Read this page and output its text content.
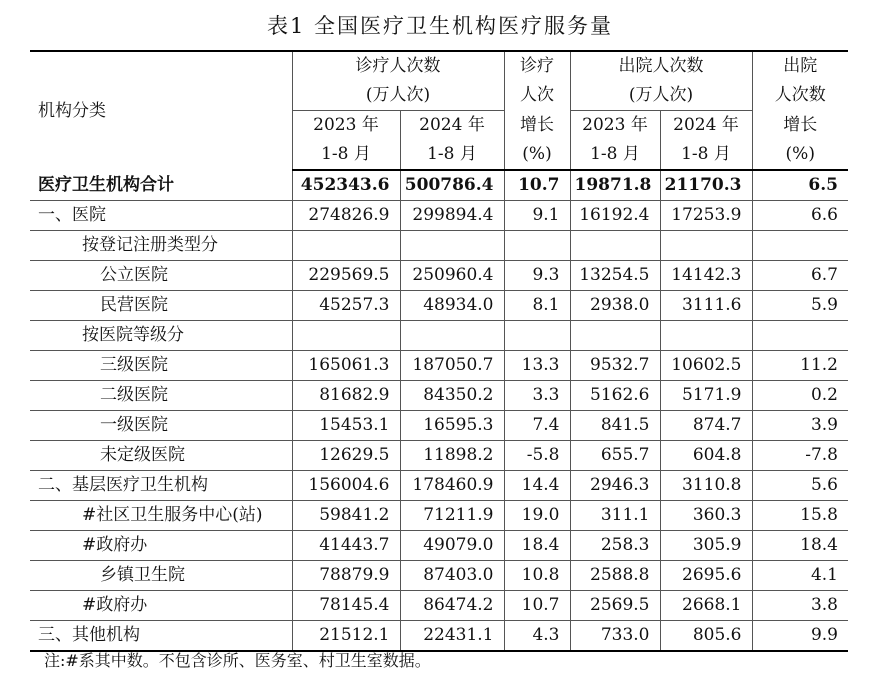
表1 全国医疗卫生机构医疗服务量
机构分类	诊疗人次数		诊疗	出院人次数		出院
	(万人次)		人次	(万人次)		人次数
	2023 年	2024 年	增长	2023 年	2024 年	增长
	1-8 月	1-8 月	(%)	1-8 月	1-8 月	(%)
医疗卫生机构合计	452343.6	500786.4	10.7	19871.8	21170.3	6.5
一、医院	274826.9	299894.4	9.1	16192.4	17253.9	6.6
按登记注册类型分						
公立医院	229569.5	250960.4	9.3	13254.5	14142.3	6.7
民营医院	45257.3	48934.0	8.1	2938.0	3111.6	5.9
按医院等级分						
三级医院	165061.3	187050.7	13.3	9532.7	10602.5	11.2
二级医院	81682.9	84350.2	3.3	5162.6	5171.9	0.2
一级医院	15453.1	16595.3	7.4	841.5	874.7	3.9
未定级医院	12629.5	11898.2	-5.8	655.7	604.8	-7.8
二、基层医疗卫生机构	156004.6	178460.9	14.4	2946.3	3110.8	5.6
#社区卫生服务中心(站)	59841.2	71211.9	19.0	311.1	360.3	15.8
#政府办	41443.7	49079.0	18.4	258.3	305.9	18.4
乡镇卫生院	78879.9	87403.0	10.8	2588.8	2695.6	4.1
#政府办	78145.4	86474.2	10.7	2569.5	2668.1	3.8
三、其他机构	21512.1	22431.1	4.3	733.0	805.6	9.9
注:#系其中数。不包含诊所、医务室、村卫生室数据。
